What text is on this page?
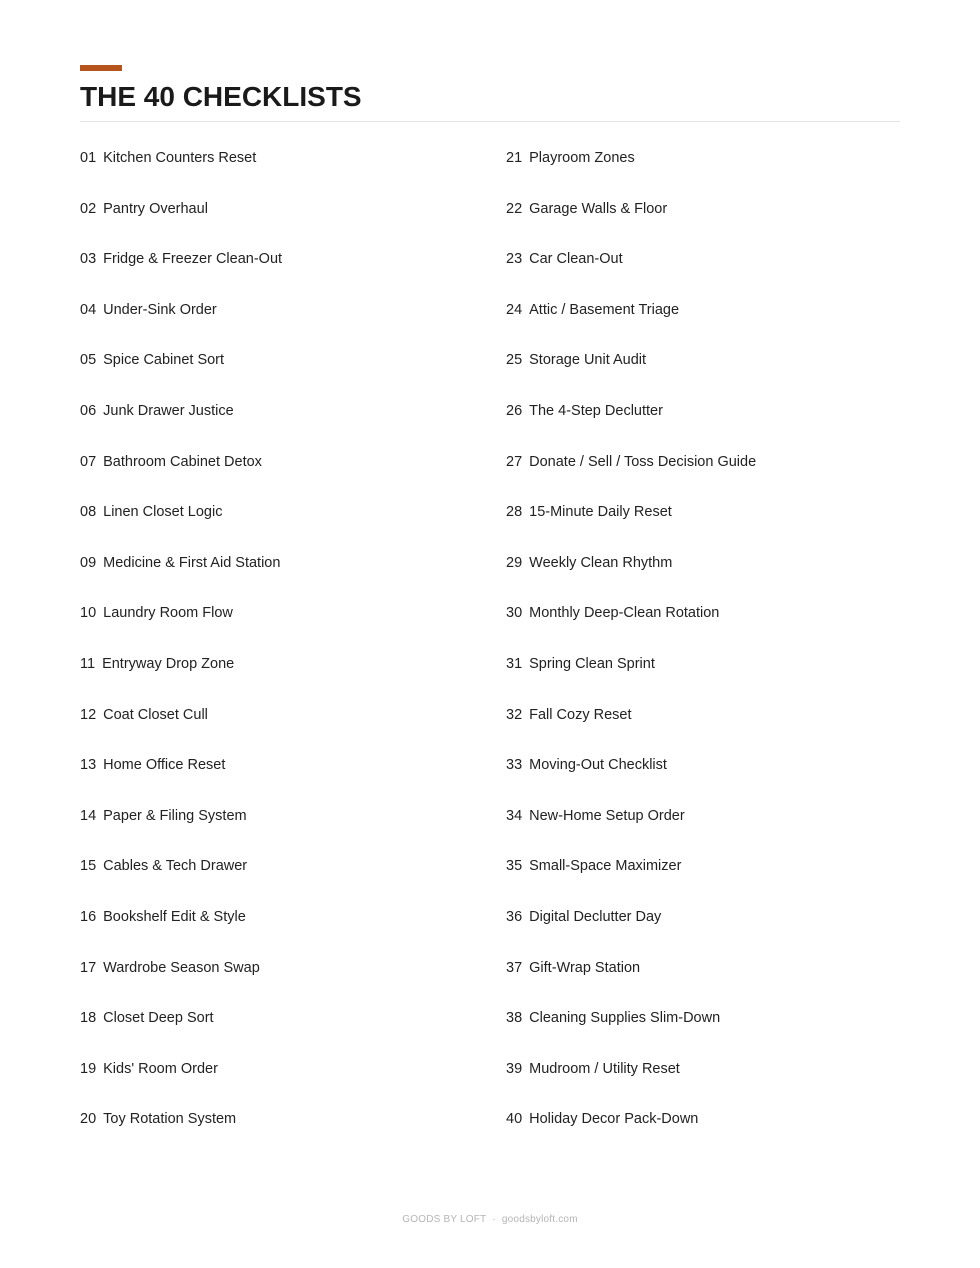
THE 40 CHECKLISTS
01 Kitchen Counters Reset
02 Pantry Overhaul
03 Fridge & Freezer Clean-Out
04 Under-Sink Order
05 Spice Cabinet Sort
06 Junk Drawer Justice
07 Bathroom Cabinet Detox
08 Linen Closet Logic
09 Medicine & First Aid Station
10 Laundry Room Flow
11 Entryway Drop Zone
12 Coat Closet Cull
13 Home Office Reset
14 Paper & Filing System
15 Cables & Tech Drawer
16 Bookshelf Edit & Style
17 Wardrobe Season Swap
18 Closet Deep Sort
19 Kids' Room Order
20 Toy Rotation System
21 Playroom Zones
22 Garage Walls & Floor
23 Car Clean-Out
24 Attic / Basement Triage
25 Storage Unit Audit
26 The 4-Step Declutter
27 Donate / Sell / Toss Decision Guide
28 15-Minute Daily Reset
29 Weekly Clean Rhythm
30 Monthly Deep-Clean Rotation
31 Spring Clean Sprint
32 Fall Cozy Reset
33 Moving-Out Checklist
34 New-Home Setup Order
35 Small-Space Maximizer
36 Digital Declutter Day
37 Gift-Wrap Station
38 Cleaning Supplies Slim-Down
39 Mudroom / Utility Reset
40 Holiday Decor Pack-Down
GOODS BY LOFT · goodsbyloft.com
